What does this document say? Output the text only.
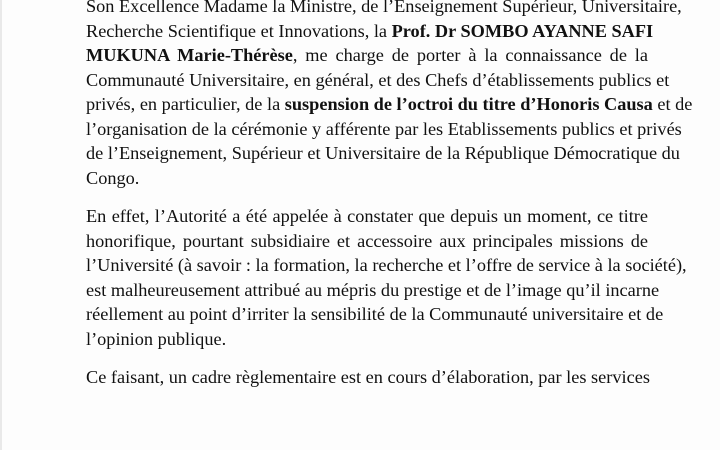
Son Excellence Madame la Ministre, de l’Enseignement Supérieur, Universitaire,
Recherche Scientifique et Innovations, la Prof. Dr SOMBO AYANNE SAFI
MUKUNA Marie-Thérèse, me charge de porter à la connaissance de la
Communauté Universitaire, en général, et des Chefs d’établissements publics et
privés, en particulier, de la suspension de l’octroi du titre d’Honoris Causa et de
l’organisation de la cérémonie y afférente par les Etablissements publics et privés
de l’Enseignement, Supérieur et Universitaire de la République Démocratique du
Congo.
En effet, l’Autorité a été appelée à constater que depuis un moment, ce titre
honorifique, pourtant subsidiaire et accessoire aux principales missions de
l’Université (à savoir : la formation, la recherche et l’offre de service à la société),
est malheureusement attribué au mépris du prestige et de l’image qu’il incarne
réellement au point d’irriter la sensibilité de la Communauté universitaire et de
l’opinion publique.
Ce faisant, un cadre règlementaire est en cours d’élaboration, par les services
